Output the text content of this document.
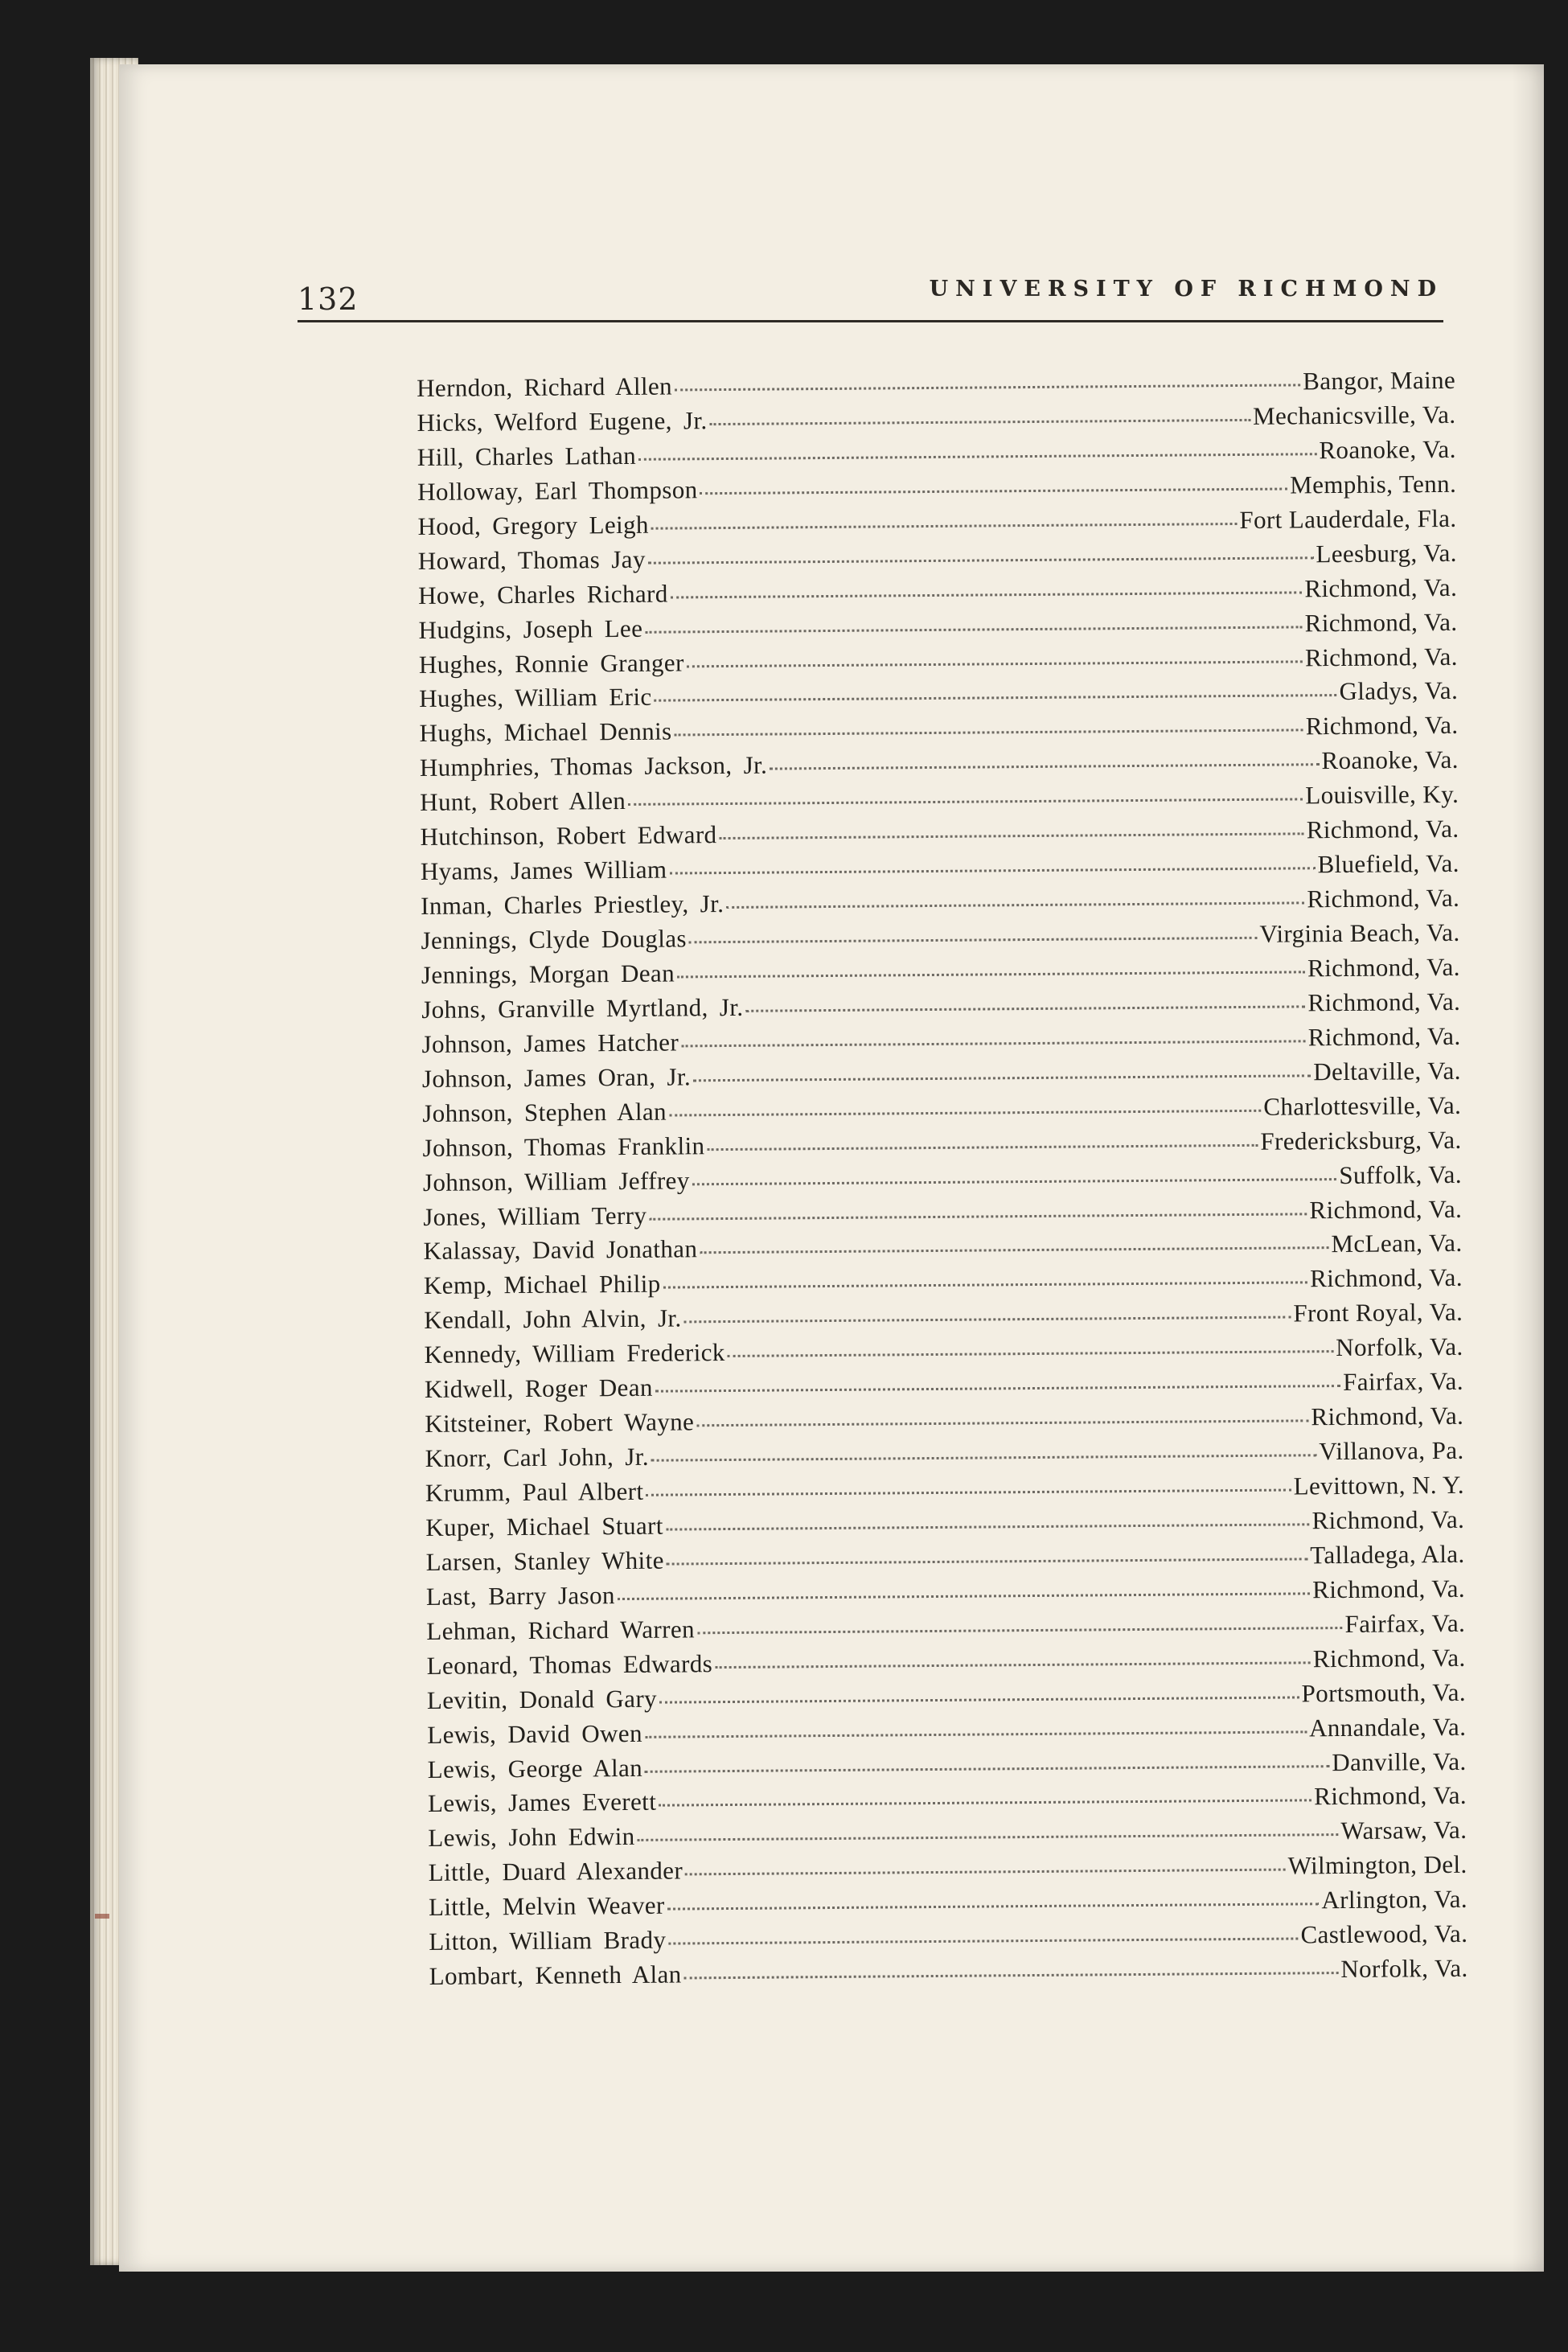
132	UNIVERSITY OF RICHMOND
Herndon, Richard Allen	Bangor, Maine
Hicks, Welford Eugene, Jr.	Mechanicsville, Va.
Hill, Charles Lathan	Roanoke, Va.
Holloway, Earl Thompson	Memphis, Tenn.
Hood, Gregory Leigh	Fort Lauderdale, Fla.
Howard, Thomas Jay	Leesburg, Va.
Howe, Charles Richard	Richmond, Va.
Hudgins, Joseph Lee	Richmond, Va.
Hughes, Ronnie Granger	Richmond, Va.
Hughes, William Eric	Gladys, Va.
Hughs, Michael Dennis	Richmond, Va.
Humphries, Thomas Jackson, Jr.	Roanoke, Va.
Hunt, Robert Allen	Louisville, Ky.
Hutchinson, Robert Edward	Richmond, Va.
Hyams, James William	Bluefield, Va.
Inman, Charles Priestley, Jr.	Richmond, Va.
Jennings, Clyde Douglas	Virginia Beach, Va.
Jennings, Morgan Dean	Richmond, Va.
Johns, Granville Myrtland, Jr.	Richmond, Va.
Johnson, James Hatcher	Richmond, Va.
Johnson, James Oran, Jr.	Deltaville, Va.
Johnson, Stephen Alan	Charlottesville, Va.
Johnson, Thomas Franklin	Fredericksburg, Va.
Johnson, William Jeffrey	Suffolk, Va.
Jones, William Terry	Richmond, Va.
Kalassay, David Jonathan	McLean, Va.
Kemp, Michael Philip	Richmond, Va.
Kendall, John Alvin, Jr.	Front Royal, Va.
Kennedy, William Frederick	Norfolk, Va.
Kidwell, Roger Dean	Fairfax, Va.
Kitsteiner, Robert Wayne	Richmond, Va.
Knorr, Carl John, Jr.	Villanova, Pa.
Krumm, Paul Albert	Levittown, N. Y.
Kuper, Michael Stuart	Richmond, Va.
Larsen, Stanley White	Talladega, Ala.
Last, Barry Jason	Richmond, Va.
Lehman, Richard Warren	Fairfax, Va.
Leonard, Thomas Edwards	Richmond, Va.
Levitin, Donald Gary	Portsmouth, Va.
Lewis, David Owen	Annandale, Va.
Lewis, George Alan	Danville, Va.
Lewis, James Everett	Richmond, Va.
Lewis, John Edwin	Warsaw, Va.
Little, Duard Alexander	Wilmington, Del.
Little, Melvin Weaver	Arlington, Va.
Litton, William Brady	Castlewood, Va.
Lombart, Kenneth Alan	Norfolk, Va.
